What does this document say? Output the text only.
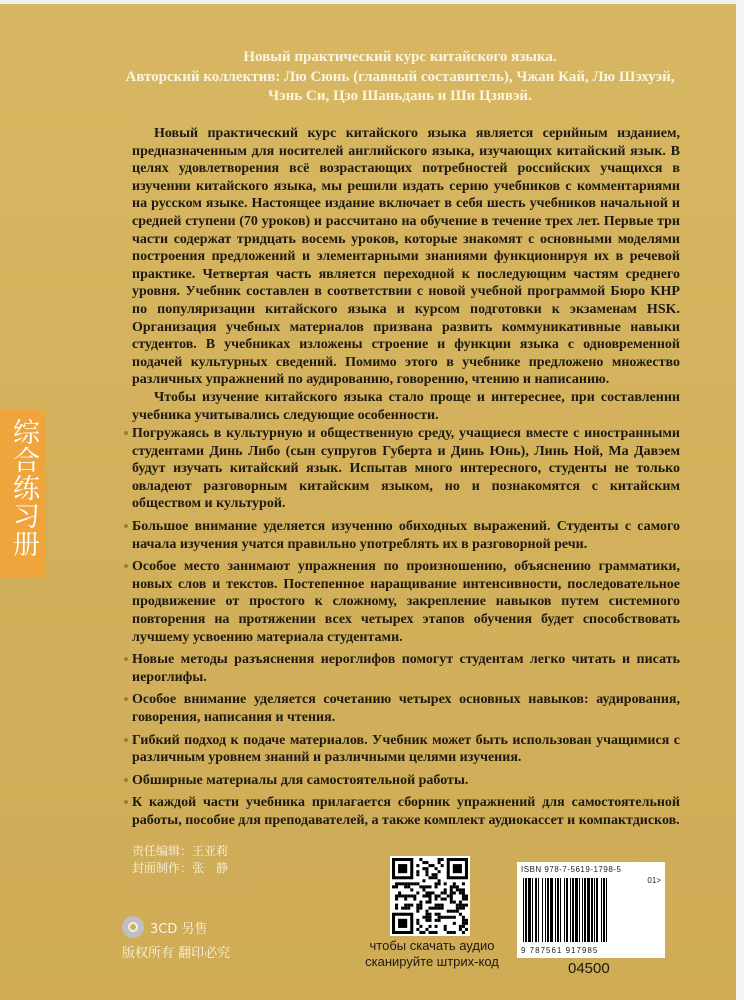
Новый практический курс китайского языка.
Авторский коллектив: Лю Сюнь (главный составитель), Чжан Кай, Лю Шэхуэй, Чэнь Си, Цзо Шаньдань и Ши Цзявэй.

Новый практический курс китайского языка является серийным изданием, предназначенным для носителей английского языка, изучающих китайский язык. В целях удовлетворения всё возрастающих потребностей российских учащихся в изучении китайского языка, мы решили издать серию учебников с комментариями на русском языке. Настоящее издание включает в себя шесть учебников начальной и средней ступени (70 уроков) и рассчитано на обучение в течение трех лет. Первые три части содержат тридцать восемь уроков, которые знакомят с основными моделями построения предложений и элементарными знаниями функционируя их в речевой практике. Четвертая часть является переходной к последующим частям среднего уровня. Учебник составлен в соответствии с новой учебной программой Бюро КНР по популяризации китайского языка и курсом подготовки к экзаменам HSK. Организация учебных материалов призвана развить коммуникативные навыки студентов. В учебниках изложены строение и функции языка с одновременной подачей культурных сведений. Помимо этого в учебнике предложено множество различных упражнений по аудированию, говорению, чтению и написанию.

Чтобы изучение китайского языка стало проще и интереснее, при составлении учебника учитывались следующие особенности.

Погружаясь в культурную и общественную среду, учащиеся вместе с иностранными студентами Динь Либо (сын супругов Губерта и Динь Юнь), Линь Ной, Ма Давэем будут изучать китайский язык. Испытав много интересного, студенты не только овладеют разговорным китайским языком, но и познакомятся с китайским обществом и культурой.
Большое внимание уделяется изучению обиходных выражений. Студенты с самого начала изучения учатся правильно употреблять их в разговорной речи.
Особое место занимают упражнения по произношению, объяснению грамматики, новых слов и текстов. Постепенное наращивание интенсивности, последовательное продвижение от простого к сложному, закрепление навыков путем системного повторения на протяжении всех четырех этапов обучения будет способствовать лучшему усвоению материала студентами.
Новые методы разъяснения иероглифов помогут студентам легко читать и писать иероглифы.
Особое внимание уделяется сочетанию четырех основных навыков: аудирования, говорения, написания и чтения.
Гибкий подход к подаче материалов. Учебник может быть использован учащимися с различным уровнем знаний и различными целями изучения.
Обширные материалы для самостоятельной работы.
К каждой части учебника прилагается сборник упражнений для самостоятельной работы, пособие для преподавателей, а также комплект аудиокассет и компактдисков.
综合练习册
责任编辑：王亚莉
封面制作：张　静
3CD 另售
版权所有 翻印必究
чтобы скачать аудио
сканируйте штрих-код
ISBN 978-7-5619-1798-5
01>
9 787561 917985
04500
